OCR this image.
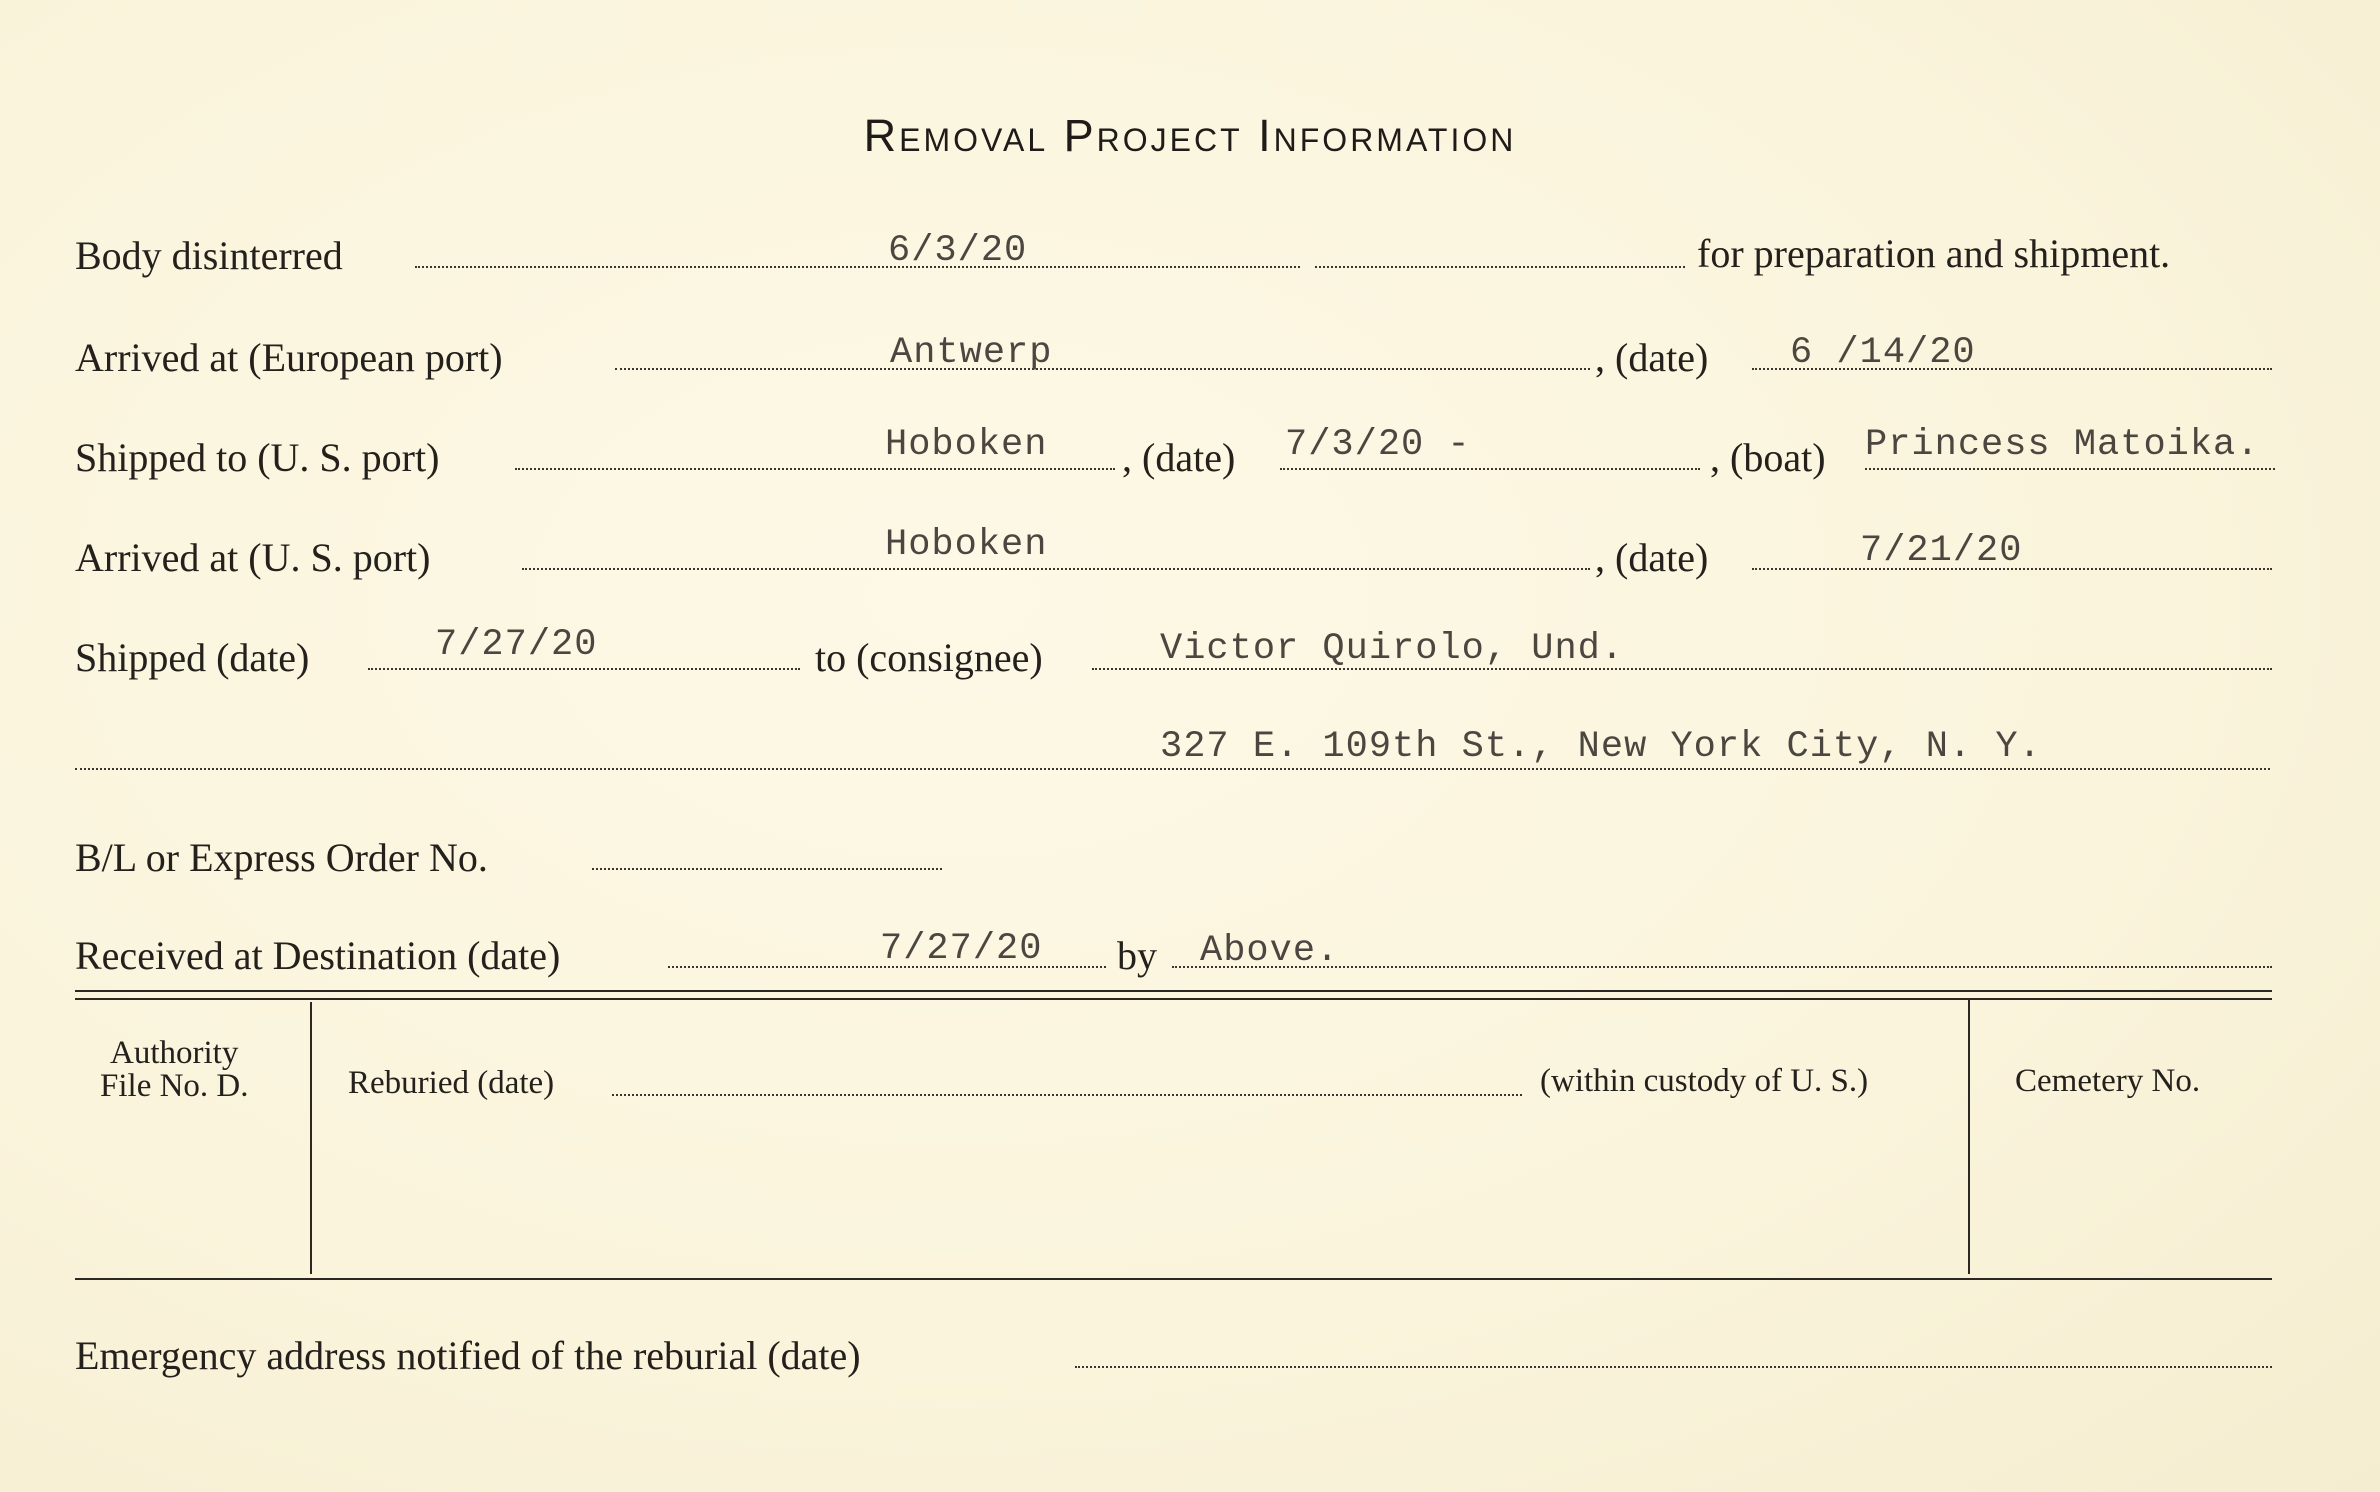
Removal Project Information
Body disinterred	6/3/20	for preparation and shipment.
Arrived at (European port)	Antwerp	, (date) 6 /14/20
Shipped to (U. S. port)	Hoboken , (date) 7/3/20 -	, (boat) Princess Matoika.
Arrived at (U. S. port)	Hoboken	, (date)	7/21/20
Shipped (date)	7/27/20	to (consignee)	Victor Quirolo, Und.
327 E. 109th St., New York City, N. Y.
B/L or Express Order No.
Received at Destination (date)	7/27/20 by Above.
Authority
File No. D.	Reburied (date)	(within custody of U. S.)	Cemetery No.
Emergency address notified of the reburial (date)
